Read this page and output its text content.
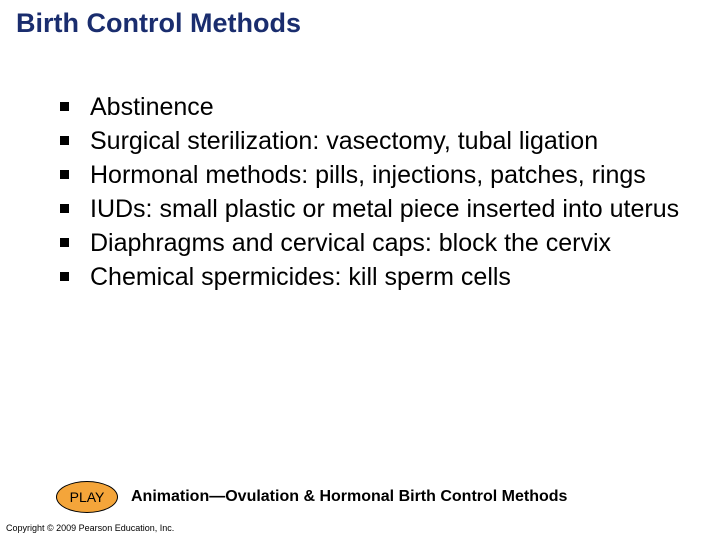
Birth Control Methods
Abstinence
Surgical sterilization: vasectomy, tubal ligation
Hormonal methods: pills, injections, patches, rings
IUDs: small plastic or metal piece inserted into uterus
Diaphragms and cervical caps: block the cervix
Chemical spermicides: kill sperm cells
PLAY	Animation—Ovulation & Hormonal Birth Control Methods
Copyright © 2009 Pearson Education, Inc.
